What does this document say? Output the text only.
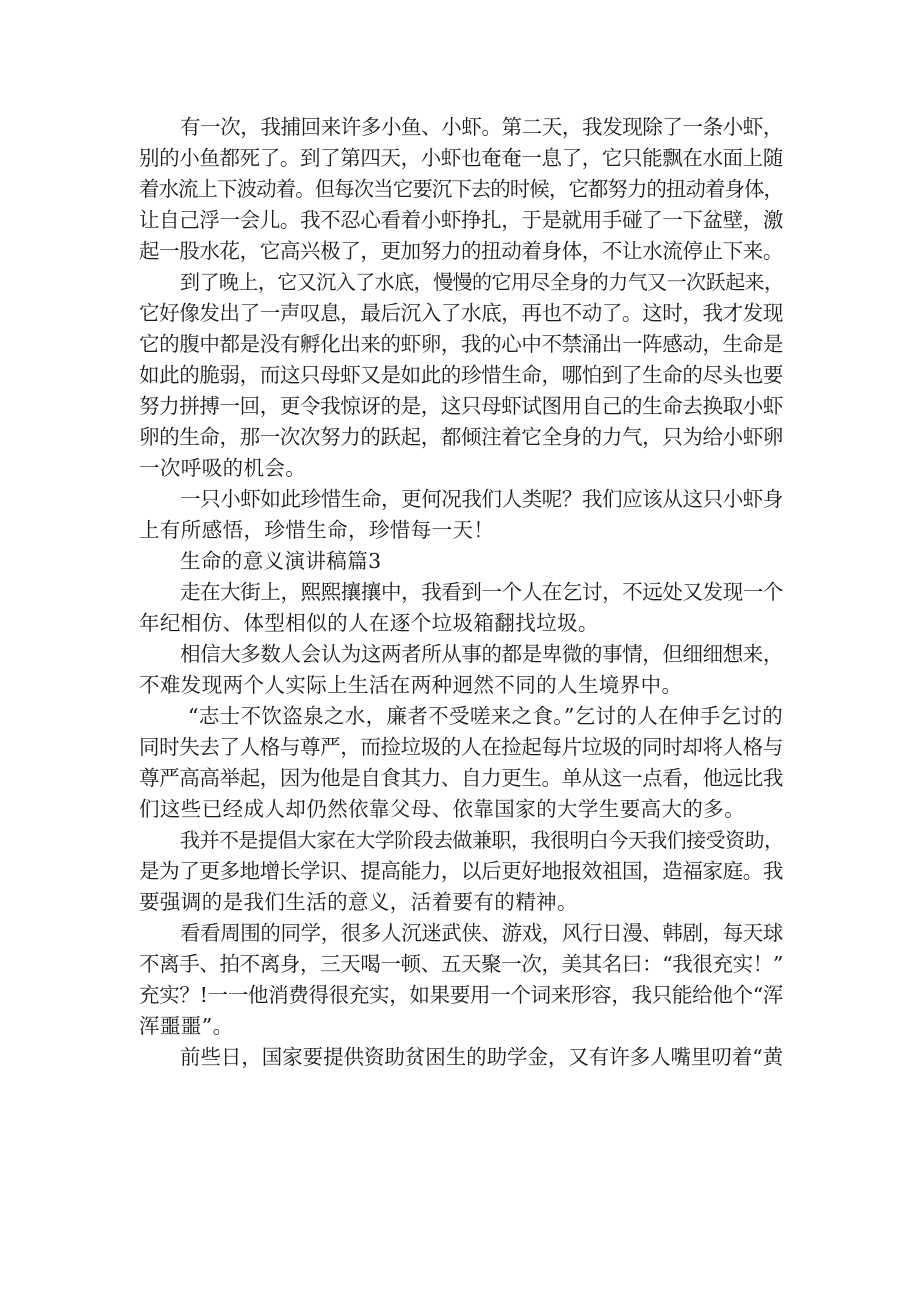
有一次，我捕回来许多小鱼、小虾。第二天，我发现除了一条小虾，
别的小鱼都死了。到了第四天，小虾也奄奄一息了，它只能飘在水面上随
着水流上下波动着。但每次当它要沉下去的时候，它都努力的扭动着身体，
让自己浮一会儿。我不忍心看着小虾挣扎，于是就用手碰了一下盆壁，激
起一股水花，它高兴极了，更加努力的扭动着身体，不让水流停止下来。
到了晚上，它又沉入了水底，慢慢的它用尽全身的力气又一次跃起来，
它好像发出了一声叹息，最后沉入了水底，再也不动了。这时，我才发现
它的腹中都是没有孵化出来的虾卵，我的心中不禁涌出一阵感动，生命是
如此的脆弱，而这只母虾又是如此的珍惜生命，哪怕到了生命的尽头也要
努力拼搏一回，更令我惊讶的是，这只母虾试图用自己的生命去换取小虾
卵的生命，那一次次努力的跃起，都倾注着它全身的力气，只为给小虾卵
一次呼吸的机会。
一只小虾如此珍惜生命，更何况我们人类呢？我们应该从这只小虾身
上有所感悟，珍惜生命，珍惜每一天！
生命的意义演讲稿篇3
走在大街上，熙熙攘攘中，我看到一个人在乞讨，不远处又发现一个
年纪相仿、体型相似的人在逐个垃圾箱翻找垃圾。
相信大多数人会认为这两者所从事的都是卑微的事情，但细细想来，
不难发现两个人实际上生活在两种迥然不同的人生境界中。
“志士不饮盗泉之水，廉者不受嗟来之食。”乞讨的人在伸手乞讨的
同时失去了人格与尊严，而捡垃圾的人在捡起每片垃圾的同时却将人格与
尊严高高举起，因为他是自食其力、自力更生。单从这一点看，他远比我
们这些已经成人却仍然依靠父母、依靠国家的大学生要高大的多。
我并不是提倡大家在大学阶段去做兼职，我很明白今天我们接受资助，
是为了更多地增长学识、提高能力，以后更好地报效祖国，造福家庭。我
要强调的是我们生活的意义，活着要有的精神。
看看周围的同学，很多人沉迷武侠、游戏，风行日漫、韩剧，每天球
不离手、拍不离身，三天喝一顿、五天聚一次，美其名曰：“我很充实！”
充实？!一一他消费得很充实，如果要用一个词来形容，我只能给他个“浑
浑噩噩”。
前些日，国家要提供资助贫困生的助学金，又有许多人嘴里叨着“黄
